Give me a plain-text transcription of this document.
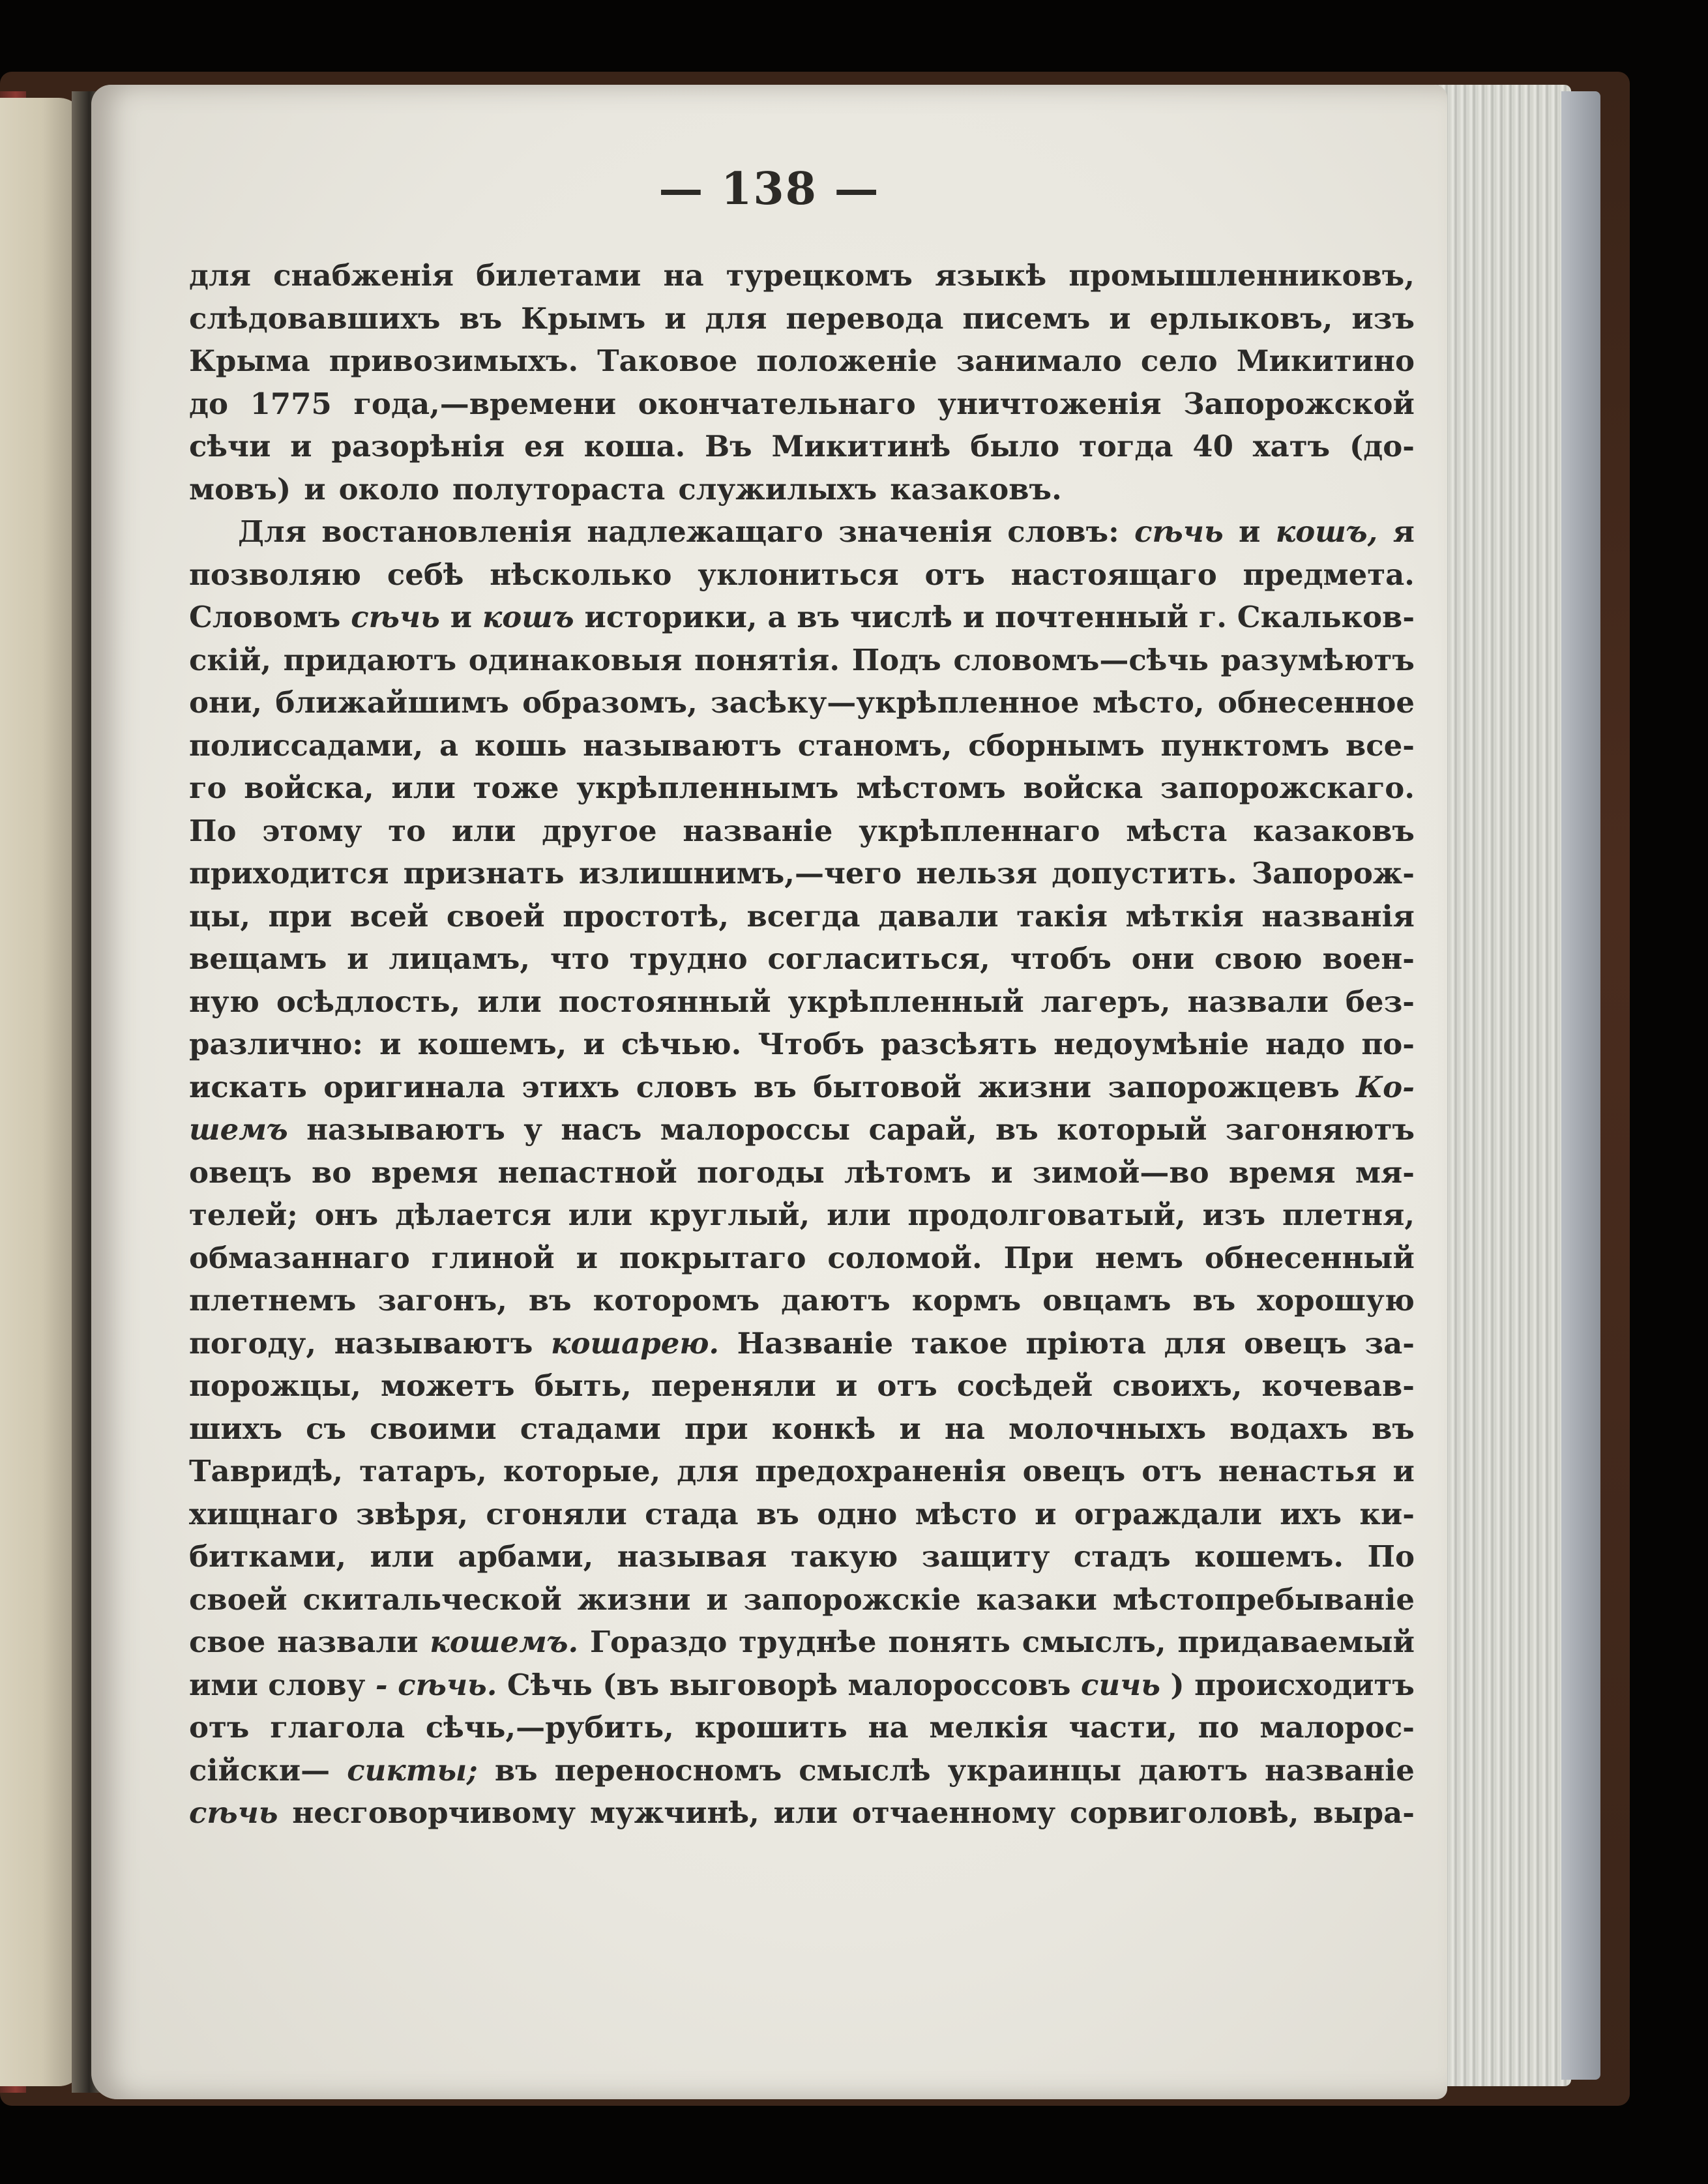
— 138 —
для снабженія билетами на турецкомъ языкѣ промышленниковъ,
слѣдовавшихъ въ Крымъ и для перевода писемъ и ерлыковъ, изъ
Крыма привозимыхъ. Таковое положеніе занимало село Микитино
до 1775 года,—времени окончательнаго уничтоженія Запорожской
сѣчи и разорѣнія ея коша. Въ Микитинѣ было тогда 40 хатъ (до-
мовъ) и около полутораста служилыхъ казаковъ.
Для востановленія надлежащаго значенія словъ: сѣчь и кошъ, я
позволяю себѣ нѣсколько уклониться отъ настоящаго предмета.
Словомъ сѣчь и кошъ историки, а въ числѣ и почтенный г. Скальков-
скій, придаютъ одинаковыя понятія. Подъ словомъ—сѣчь разумѣютъ
они, ближайшимъ образомъ, засѣку—укрѣпленное мѣсто, обнесенное
полиссадами, а кошь называютъ станомъ, сборнымъ пунктомъ все-
го войска, или тоже укрѣпленнымъ мѣстомъ войска запорожскаго.
По этому то или другое названіе укрѣпленнаго мѣста казаковъ
приходится признать излишнимъ,—чего нельзя допустить. Запорож-
цы, при всей своей простотѣ, всегда давали такія мѣткія названія
вещамъ и лицамъ, что трудно согласиться, чтобъ они свою воен-
ную осѣдлость, или постоянный укрѣпленный лагеръ, назвали без-
различно: и кошемъ, и сѣчью. Чтобъ разсѣять недоумѣніе надо по-
искать оригинала этихъ словъ въ бытовой жизни запорожцевъ Ко-
шемъ называютъ у насъ малороссы сарай, въ который загоняютъ
овецъ во время непастной погоды лѣтомъ и зимой—во время мя-
телей; онъ дѣлается или круглый, или продолговатый, изъ плетня,
обмазаннаго глиной и покрытаго соломой. При немъ обнесенный
плетнемъ загонъ, въ которомъ даютъ кормъ овцамъ въ хорошую
погоду, называютъ кошарею. Названіе такое пріюта для овецъ за-
порожцы, можетъ быть, переняли и отъ сосѣдей своихъ, кочевав-
шихъ съ своими стадами при конкѣ и на молочныхъ водахъ въ
Тавридѣ, татаръ, которые, для предохраненія овецъ отъ ненастья и
хищнаго звѣря, сгоняли стада въ одно мѣсто и ограждали ихъ ки-
битками, или арбами, называя такую защиту стадъ кошемъ. По
своей скитальческой жизни и запорожскіе казаки мѣстопребываніе
свое назвали кошемъ. Гораздо труднѣе понять смыслъ, придаваемый
ими слову - сѣчь. Сѣчь (въ выговорѣ малороссовъ сичь ) происходитъ
отъ глагола сѣчь,—рубить, крошить на мелкія части, по малорос-
сійски— сикты; въ переносномъ смыслѣ украинцы даютъ названіе
сѣчь несговорчивому мужчинѣ, или отчаенному сорвиголовѣ, выра-
